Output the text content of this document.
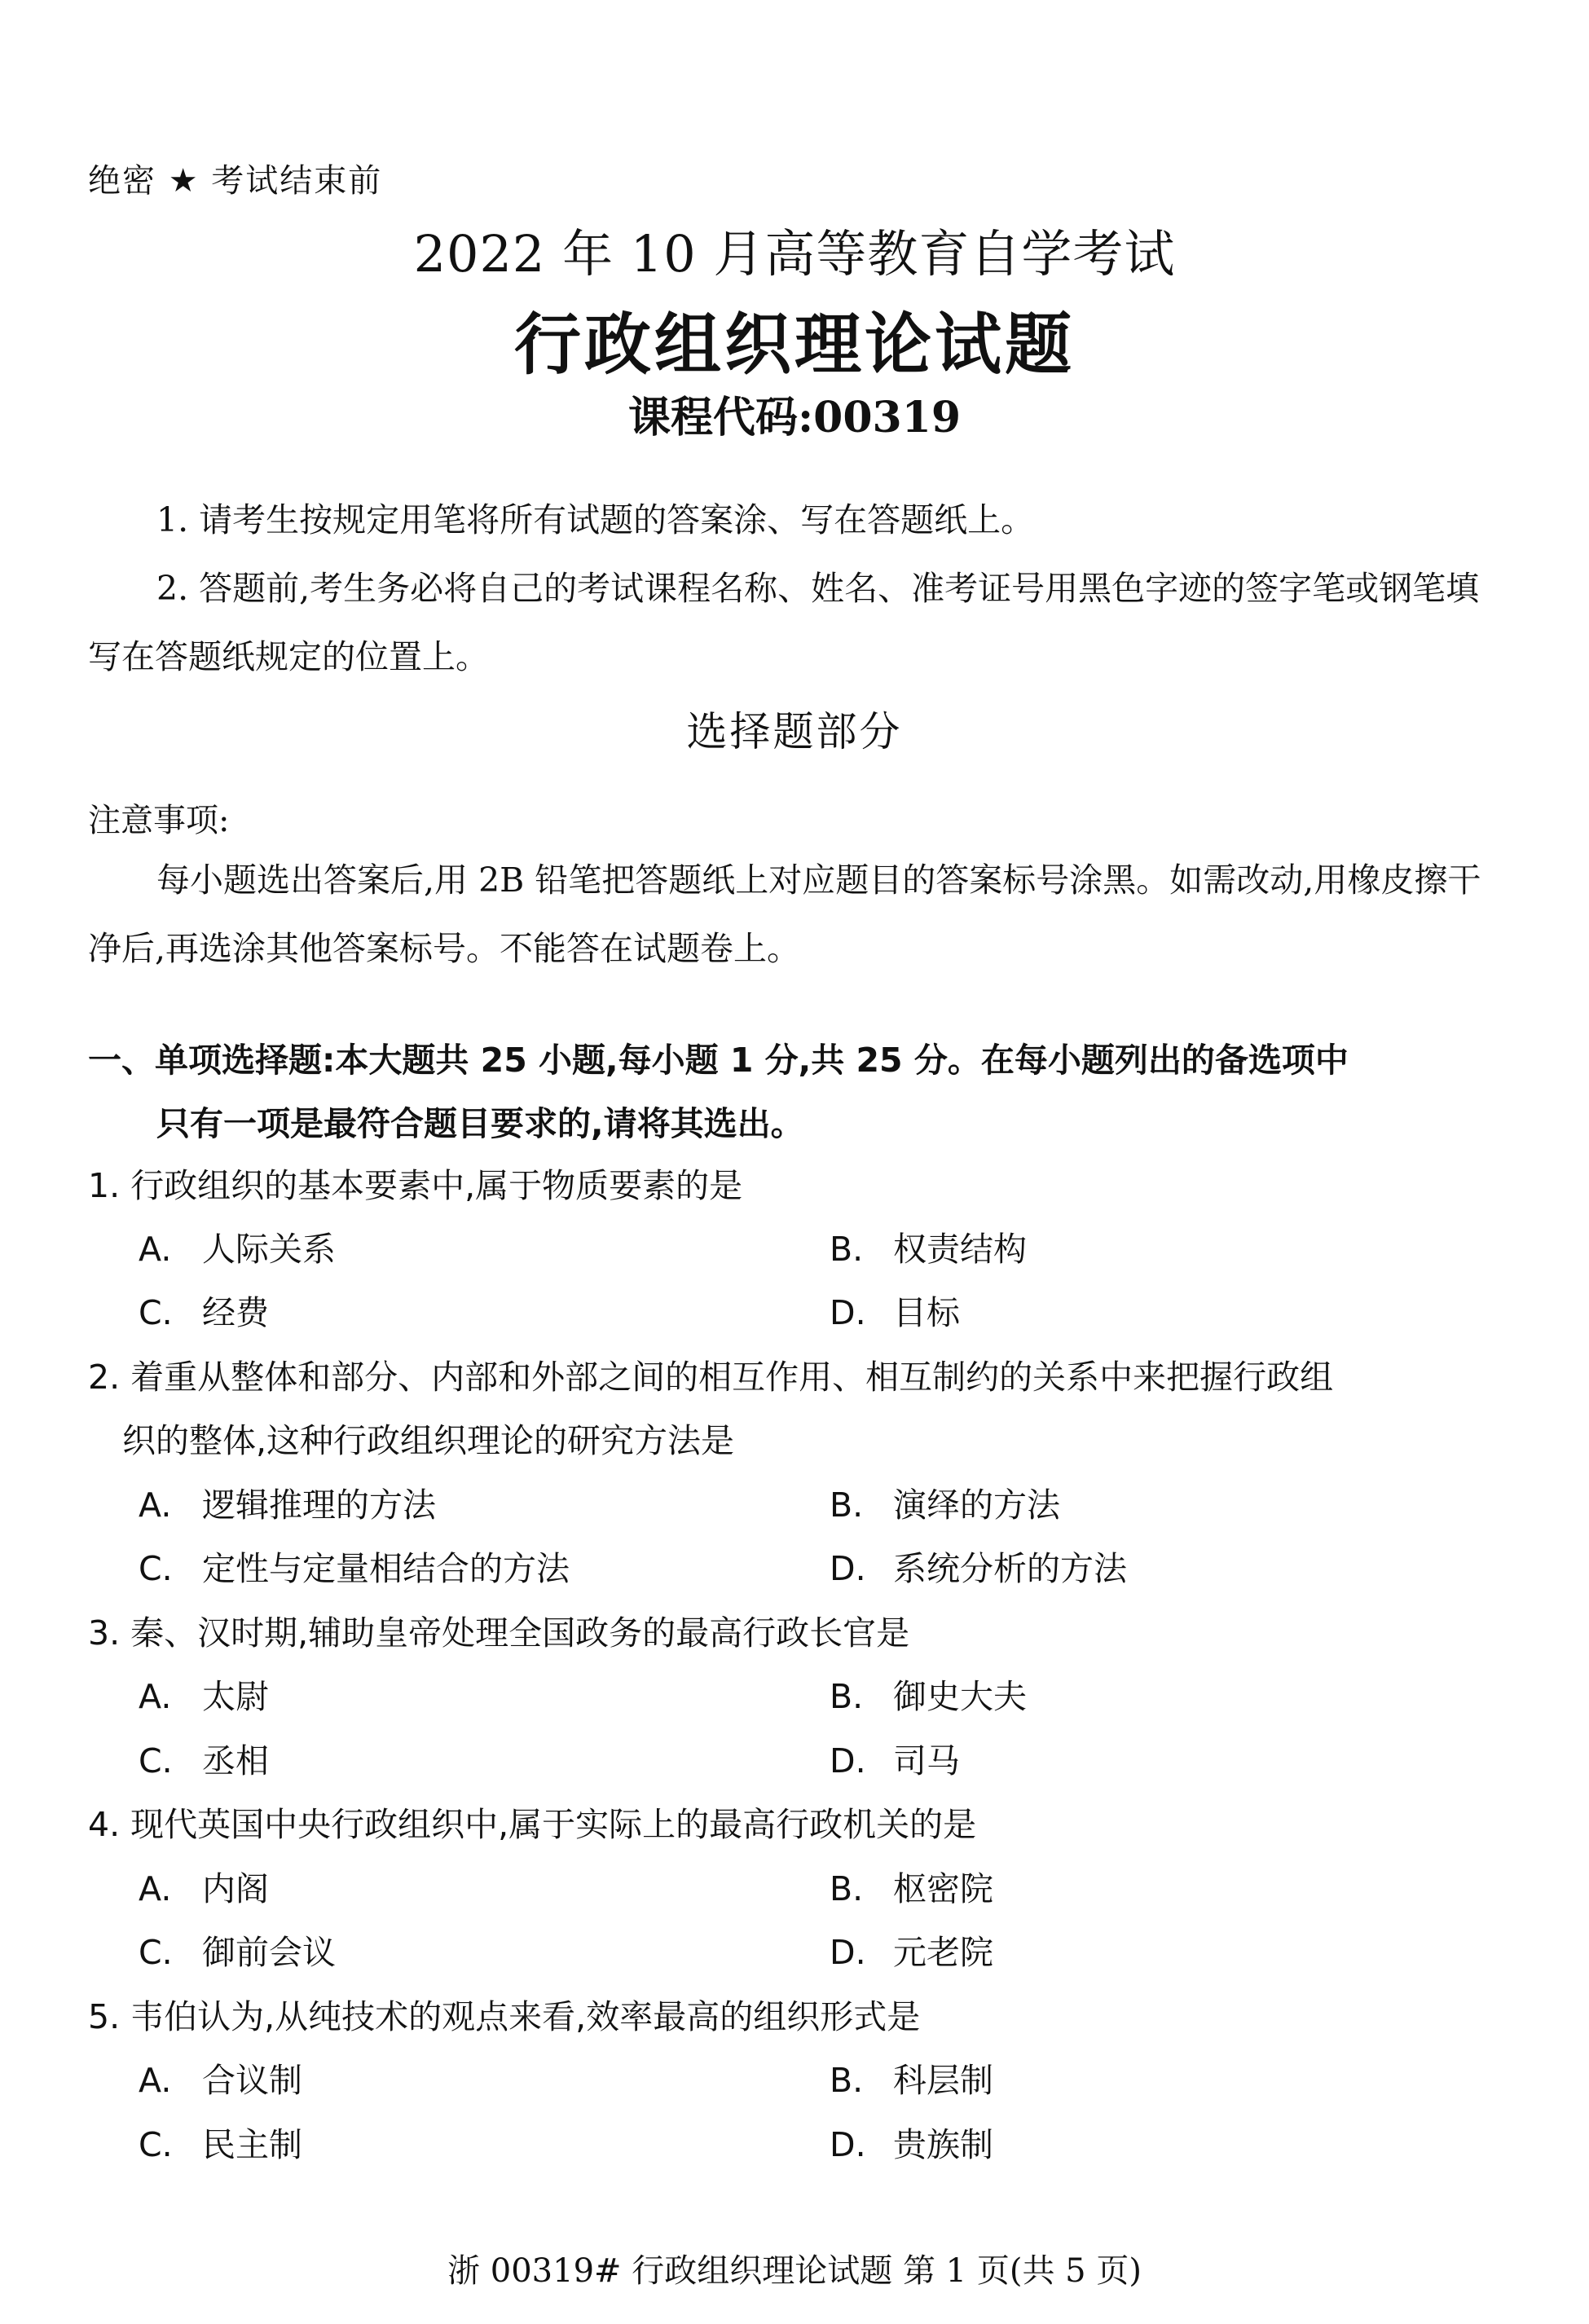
绝密 ★ 考试结束前
2022 年 10 月高等教育自学考试
行政组织理论试题
课程代码:00319

1. 请考生按规定用笔将所有试题的答案涂、写在答题纸上。

2. 答题前,考生务必将自己的考试课程名称、姓名、准考证号用黑色字迹的签字笔或钢笔填写在答题纸规定的位置上。

选择题部分
注意事项:

每小题选出答案后,用 2B 铅笔把答题纸上对应题目的答案标号涂黑。如需改动,用橡皮擦干净后,再选涂其他答案标号。不能答在试题卷上。

一、单项选择题:本大题共 25 小题,每小题 1 分,共 25 分。在每小题列出的备选项中
只有一项是最符合题目要求的,请将其选出。
1. 行政组织的基本要素中,属于物质要素的是
A. 人际关系	B. 权责结构
C. 经费	D. 目标
2. 着重从整体和部分、内部和外部之间的相互作用、相互制约的关系中来把握行政组
织的整体,这种行政组织理论的研究方法是
A. 逻辑推理的方法	B. 演绎的方法
C. 定性与定量相结合的方法	D. 系统分析的方法
3. 秦、汉时期,辅助皇帝处理全国政务的最高行政长官是
A. 太尉	B. 御史大夫
C. 丞相	D. 司马
4. 现代英国中央行政组织中,属于实际上的最高行政机关的是
A. 内阁	B. 枢密院
C. 御前会议	D. 元老院
5. 韦伯认为,从纯技术的观点来看,效率最高的组织形式是
A. 合议制	B. 科层制
C. 民主制	D. 贵族制
浙 00319# 行政组织理论试题 第 1 页(共 5 页)
